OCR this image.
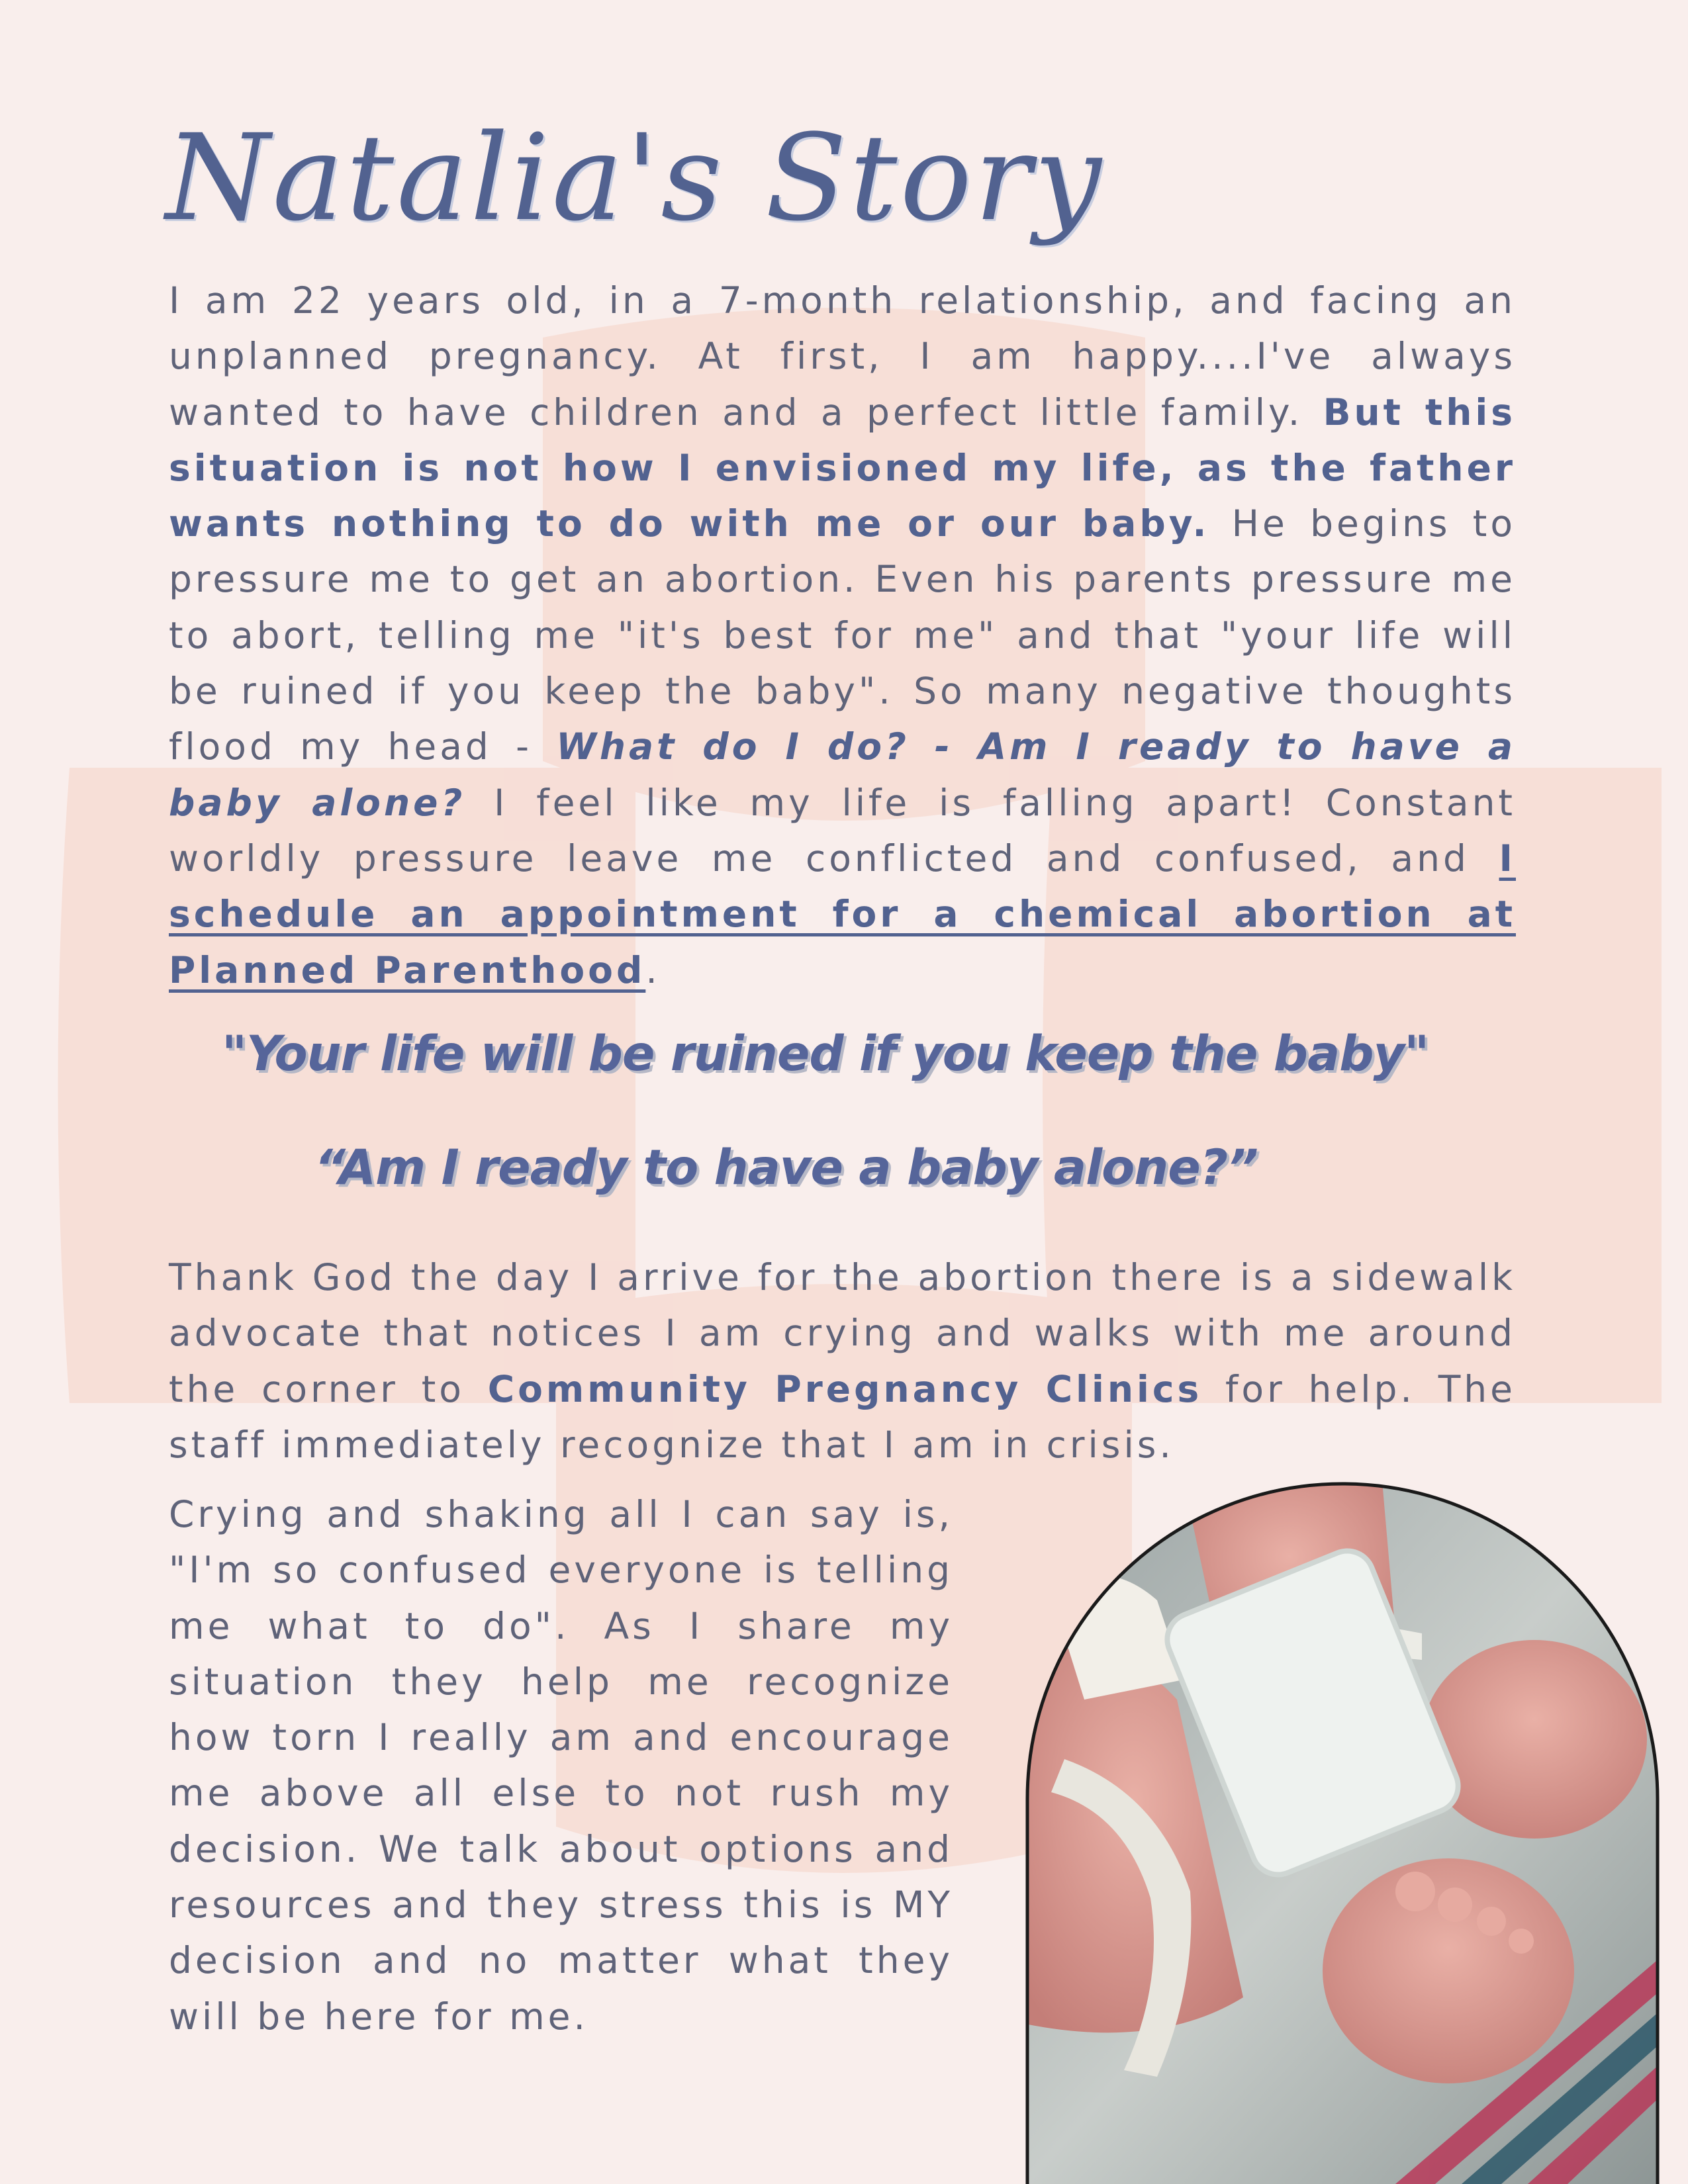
Natalia's Story

I am 22 years old, in a 7-month relationship, and facing an unplanned pregnancy. At first, I am happy....I've always wanted to have children and a perfect little family. But this situation is not how I envisioned my life, as the father wants nothing to do with me or our baby. He begins to pressure me to get an abortion. Even his parents pressure me to abort, telling me "it's best for me" and that "your life will be ruined if you keep the baby". So many negative thoughts flood my head - What do I do? - Am I ready to have a baby alone? I feel like my life is falling apart! Constant worldly pressure leave me conflicted and confused, and I schedule an appointment for a chemical abortion at Planned Parenthood.

"Your life will be ruined if you keep the baby"

“Am I ready to have a baby alone?”

Thank God the day I arrive for the abortion there is a sidewalk advocate that notices I am crying and walks with me around the corner to Community Pregnancy Clinics for help. The staff immediately recognize that I am in crisis.

Crying and shaking all I can say is, "I'm so confused everyone is telling me what to do". As I share my situation they help me recognize how torn I really am and encourage me above all else to not rush my decision. We talk about options and resources and they stress this is MY decision and no matter what they will be here for me.
